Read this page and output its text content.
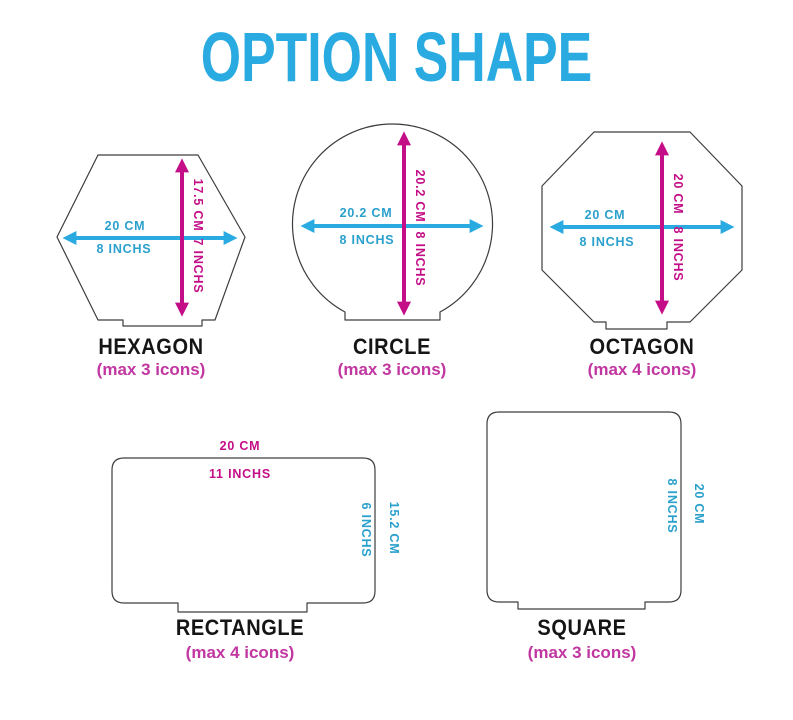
OPTION SHAPE
20 CM
8 INCHS
17.5 CM
7 INCHS
20.2 CM
8 INCHS
20.2 CM
8 INCHS
20 CM
8 INCHS
20 CM
8 INCHS
20 CM
11 INCHS
6 INCHS 15.2 CM	8 INCHS 20 CM
HEXAGON
(max 3 icons)
CIRCLE
(max 3 icons)
OCTAGON
(max 4 icons)
RECTANGLE
(max 4 icons)
SQUARE
(max 3 icons)
